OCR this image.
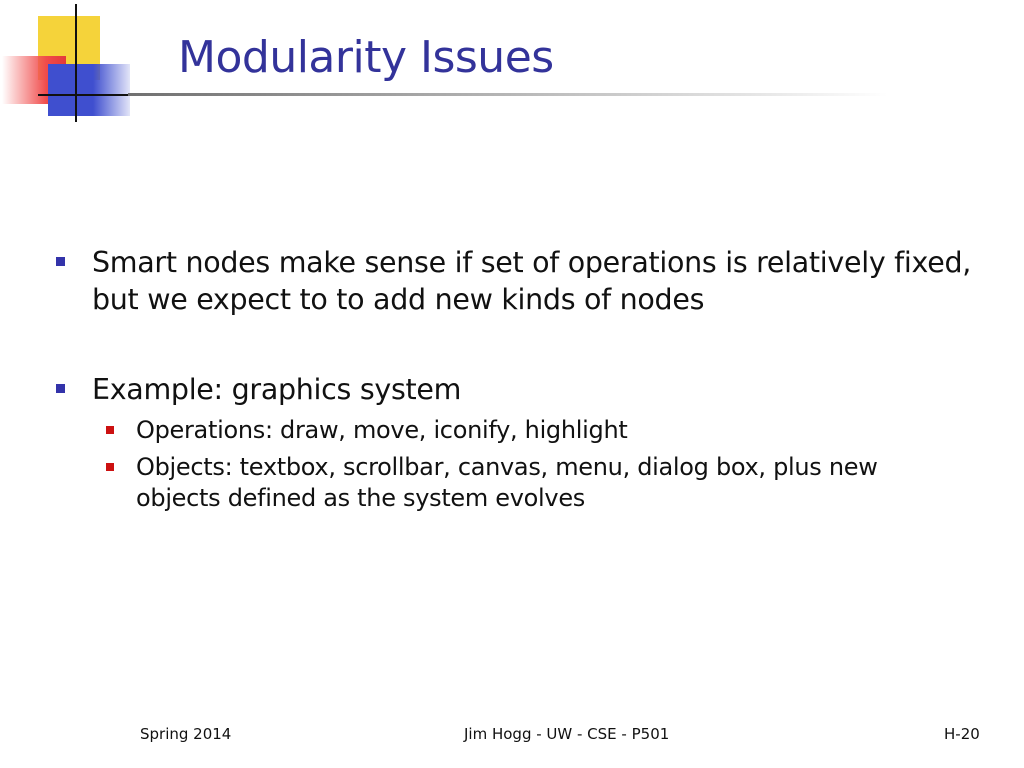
Modularity Issues
Smart nodes make sense if set of operations is relatively fixed, but we expect to to add new kinds of nodes
Example: graphics system
Operations: draw, move, iconify, highlight
Objects: textbox, scrollbar, canvas, menu, dialog box, plus new objects defined as the system evolves
Spring 2014	Jim Hogg - UW - CSE - P501	H-20
